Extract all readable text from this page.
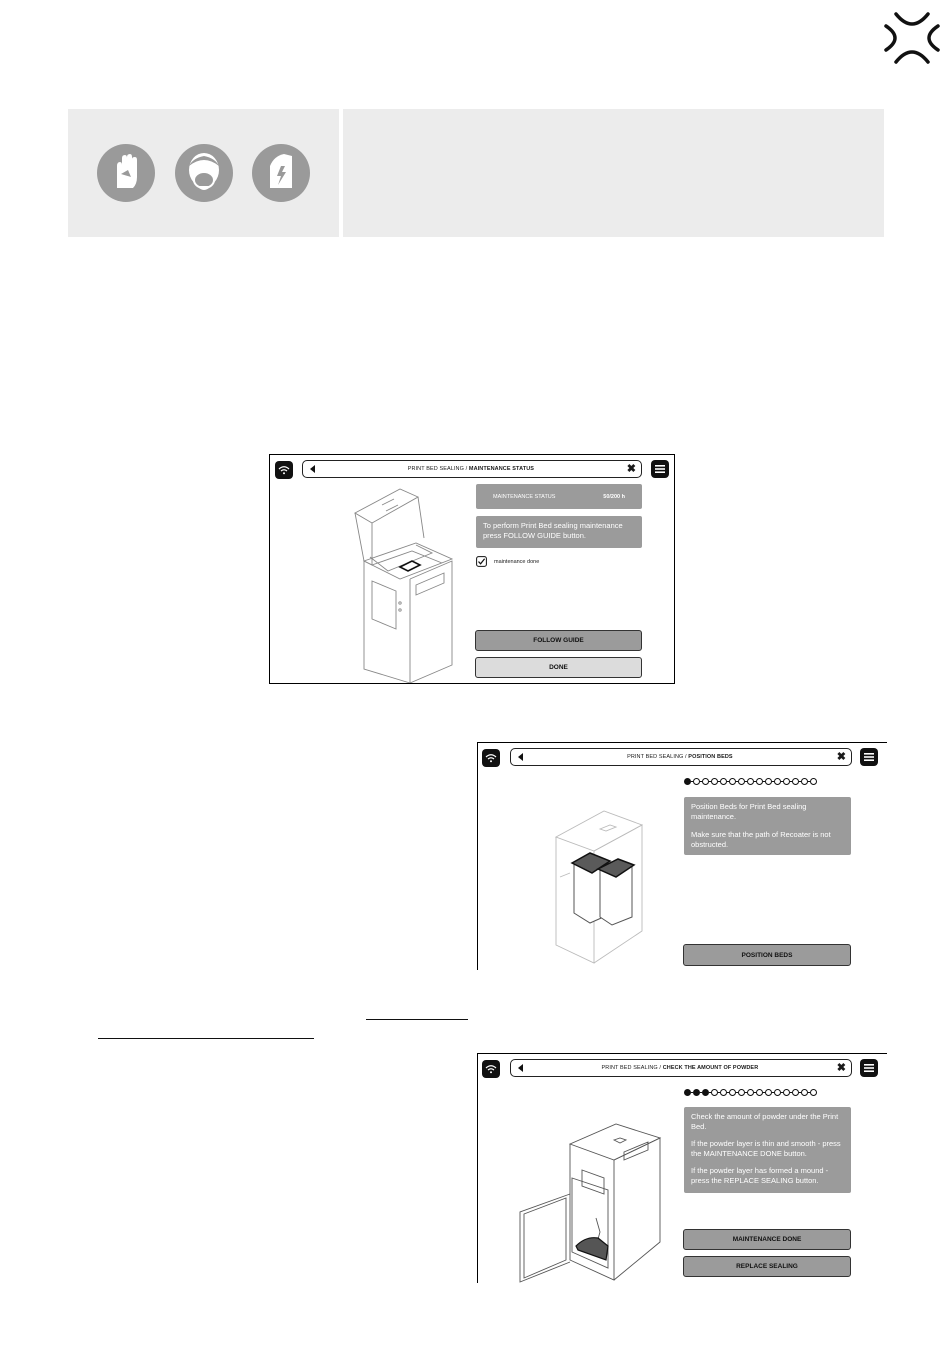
PRINT BED SEALING / MAINTENANCE STATUS	✖
MAINTENANCE STATUS	50/200 h
To perform Print Bed sealing maintenance press FOLLOW GUIDE button.
maintenance done
FOLLOW GUIDE
DONE
PRINT BED SEALING / POSITION BEDS	✖
Position Beds for Print Bed sealing maintenance.
Make sure that the path of Recoater is not obstructed.
POSITION BEDS
PRINT BED SEALING / CHECK THE AMOUNT OF POWDER	✖
Check the amount of powder under the Print Bed.
If the powder layer is thin and smooth - press the MAINTENANCE DONE button.
If the powder layer has formed a mound - press the REPLACE SEALING button.
MAINTENANCE DONE
REPLACE SEALING
